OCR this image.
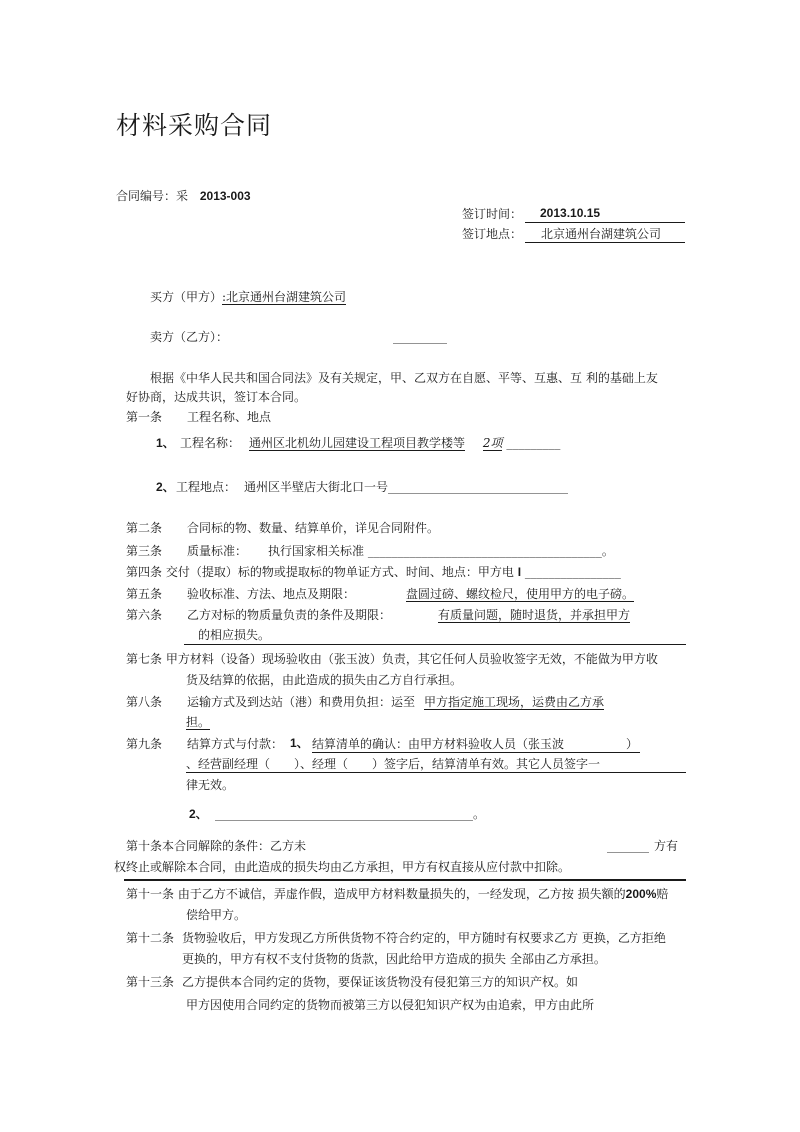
材料采购合同
合同编号：采 2013-003
签订时间： 2013.10.15
签订地点： 北京通州台湖建筑公司
买方（甲方）:北京通州台湖建筑公司
卖方（乙方）：	_________
根据《中华人民共和国合同法》及有关规定，甲、乙双方在自愿、平等、互惠、互 利的基础上友
好协商，达成共识，签订本合同。
第一条 工程名称、地点
1、 工程名称： 通州区北机幼儿园建设工程项目教学楼等 2项 _________
2、 工程地点： 通州区半壁店大街北口一号______________________________
第二条 合同标的物、数量、结算单价，详见合同附件。
第三条 质量标准： 执行国家相关标准 _______________________________________。
第四条 交付（提取）标的物或提取标的物单证方式、时间、地点：甲方电 I ________________
第五条 验收标准、方法、地点及期限：	盘圆过磅、螺纹检尺，使用甲方的电子磅。
第六条 乙方对标的物质量负责的条件及期限：	有质量问题，随时退货，并承担甲方
的相应损失。
第七条 甲方材料（设备）现场验收由（张玉波）负责，其它任何人员验收签字无效，不能做为甲方收
货及结算的依据，由此造成的损失由乙方自行承担。
第八条 运输方式及到达站（港）和费用负担：运至 甲方指定施工现场，运费由乙方承
担。
第九条 结算方式与付款： 1、 结算清单的确认：由甲方材料验收人员（张玉波	）
、经营副经理（　　）、经理（　　）签字后，结算清单有效。其它人员签字一
律无效。
2、 ___________________________________________。
第十条本合同解除的条件：乙方未	_______ 方有
权终止或解除本合同，由此造成的损失均由乙方承担，甲方有权直接从应付款中扣除。
第十一条 由于乙方不诚信，弄虚作假，造成甲方材料数量损失的，一经发现，乙方按 损失额的200%赔
偿给甲方。
第十二条 货物验收后，甲方发现乙方所供货物不符合约定的，甲方随时有权要求乙方 更换，乙方拒绝
更换的，甲方有权不支付货物的货款，因此给甲方造成的损失 全部由乙方承担。
第十三条 乙方提供本合同约定的货物，要保证该货物没有侵犯第三方的知识产权。如
甲方因使用合同约定的货物而被第三方以侵犯知识产权为由追索，甲方由此所
